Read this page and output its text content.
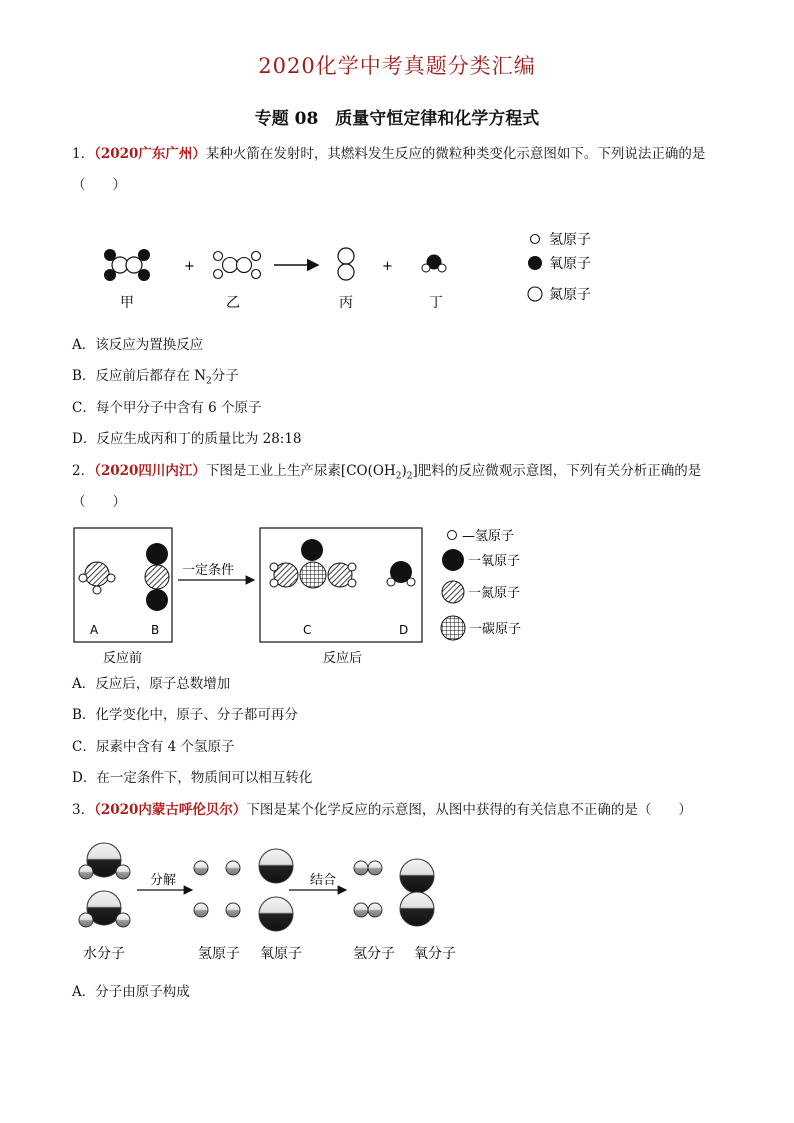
2020化学中考真题分类汇编
专题 08　质量守恒定律和化学方程式
1．（2020广东广州）某种火箭在发射时，其燃料发生反应的微粒种类变化示意图如下。下列说法正确的是
（　　）
+	+
甲	乙	丙	丁
氢原子
氧原子
氮原子
A．该反应为置换反应
B．反应前后都存在 $N_2$分子
C．每个甲分子中含有 6 个原子
D．反应生成丙和丁的质量比为 28:18
2．（2020四川内江）下图是工业上生产尿素$[CO(OH_2)_2]$肥料的反应微观示意图，下列有关分析正确的是
（　　）
A	B
一定条件
C	D
反应前	反应后
—氢原子
一氧原子
一氮原子
一碳原子
A．反应后，原子总数增加
B．化学变化中，原子、分子都可再分
C．尿素中含有 4 个氢原子
D．在一定条件下，物质间可以相互转化
3．（2020内蒙古呼伦贝尔）下图是某个化学反应的示意图，从图中获得的有关信息不正确的是（　　）
分解	结合
水分子	氢原子 氧原子	氢分子 氧分子
A．分子由原子构成
